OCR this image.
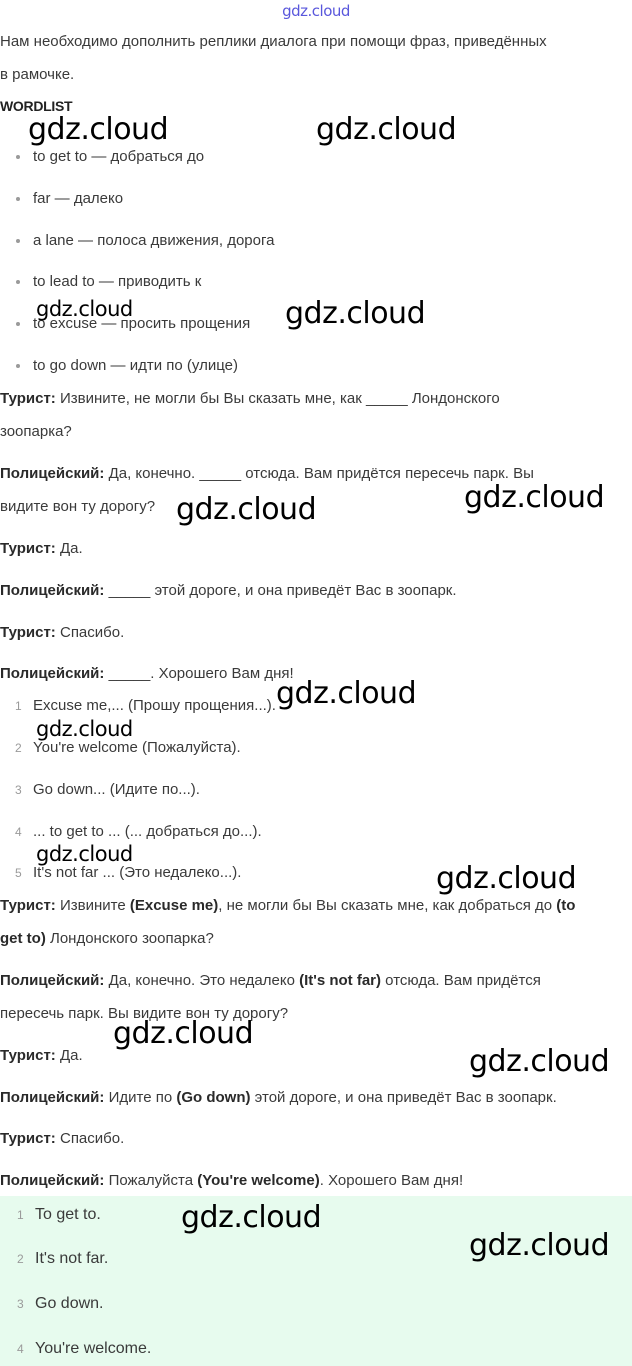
gdz.cloud
Нам необходимо дополнить реплики диалога при помощи фраз, приведённых
в рамочке.
WORDLIST
to get to — добраться до
far — далеко
a lane — полоса движения, дорога
to lead to — приводить к
to excuse — просить прощения
to go down — идти по (улице)
Турист: Извините, не могли бы Вы сказать мне, как _____ Лондонского
зоопарка?
Полицейский: Да, конечно. _____ отсюда. Вам придётся пересечь парк. Вы
видите вон ту дорогу?
Турист: Да.
Полицейский: _____ этой дороге, и она приведёт Вас в зоопарк.
Турист: Спасибо.
Полицейский: _____. Хорошего Вам дня!
1 Excuse me,... (Прошу прощения...).
2 You're welcome (Пожалуйста).
3 Go down... (Идите по...).
4 ... to get to ... (... добраться до...).
5 It's not far ... (Это недалеко...).
Турист: Извините (Excuse me), не могли бы Вы сказать мне, как добраться до (to
get to) Лондонского зоопарка?
Полицейский: Да, конечно. Это недалеко (It's not far) отсюда. Вам придётся
пересечь парк. Вы видите вон ту дорогу?
Турист: Да.
Полицейский: Идите по (Go down) этой дороге, и она приведёт Вас в зоопарк.
Турист: Спасибо.
Полицейский: Пожалуйста (You're welcome). Хорошего Вам дня!
1 To get to.
2 It's not far.
3 Go down.
4 You're welcome.
gdz.cloud	gdz.cloud
gdz.cloud	gdz.cloud
gdz.cloud
gdz.cloud
gdz.cloud
gdz.cloud
gdz.cloud
gdz.cloud
gdz.cloud
gdz.cloud
gdz.cloud
gdz.cloud
